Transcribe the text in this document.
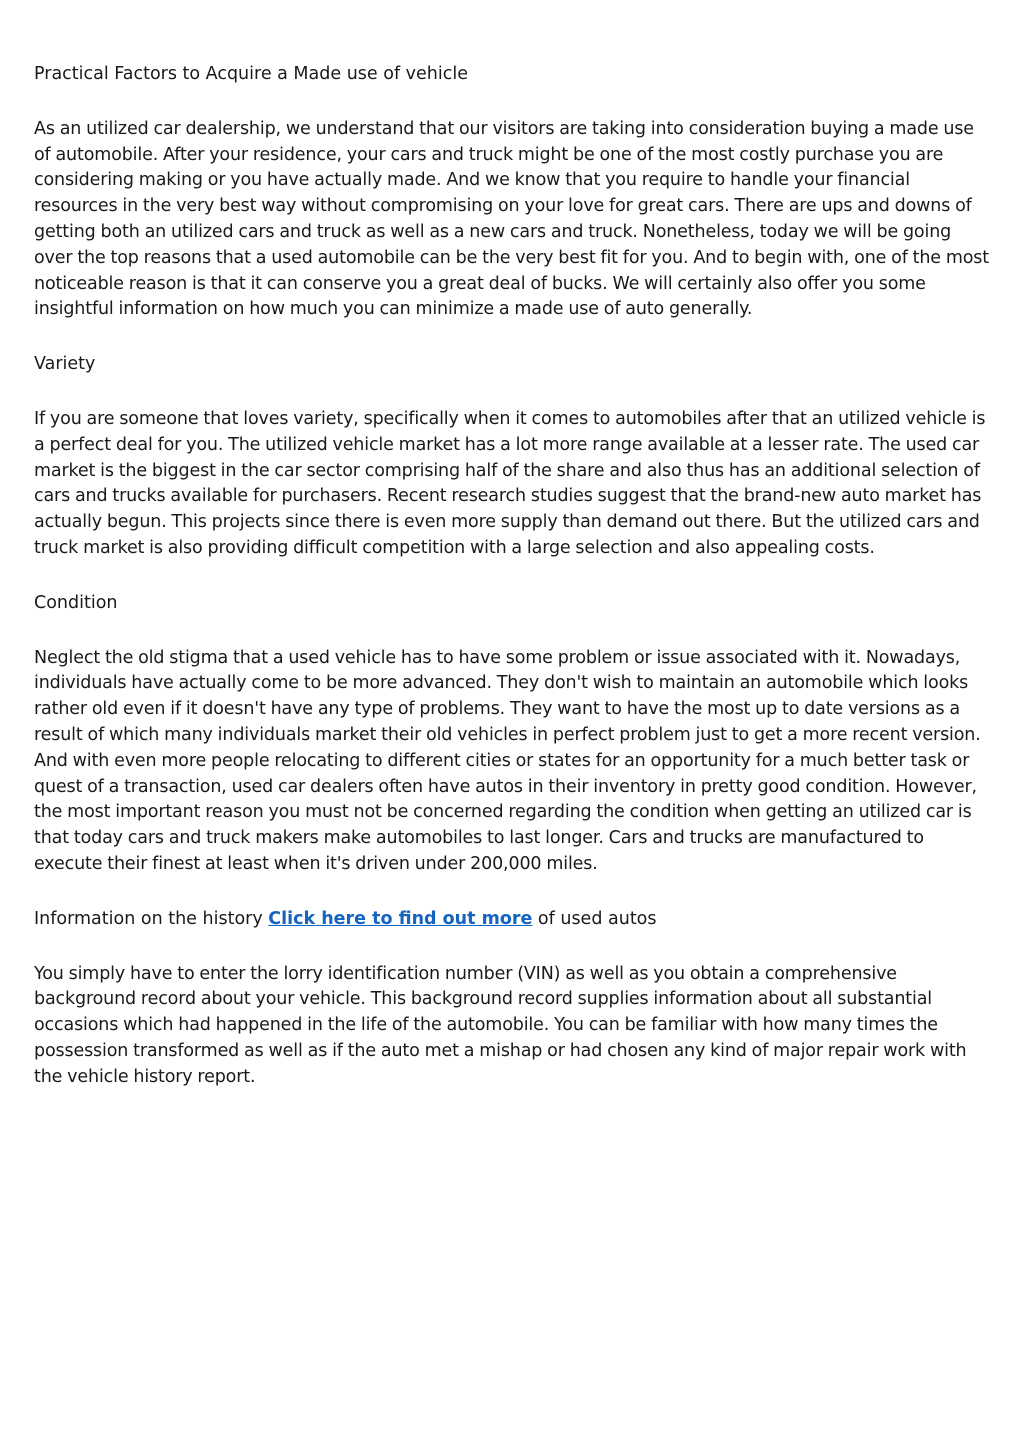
Practical Factors to Acquire a Made use of vehicle

As an utilized car dealership, we understand that our visitors are taking into consideration buying a made use of automobile. After your residence, your cars and truck might be one of the most costly purchase you are considering making or you have actually made. And we know that you require to handle your financial resources in the very best way without compromising on your love for great cars. There are ups and downs of getting both an utilized cars and truck as well as a new cars and truck. Nonetheless, today we will be going over the top reasons that a used automobile can be the very best fit for you. And to begin with, one of the most noticeable reason is that it can conserve you a great deal of bucks. We will certainly also offer you some insightful information on how much you can minimize a made use of auto generally.

Variety

If you are someone that loves variety, specifically when it comes to automobiles after that an utilized vehicle is a perfect deal for you. The utilized vehicle market has a lot more range available at a lesser rate. The used car market is the biggest in the car sector comprising half of the share and also thus has an additional selection of cars and trucks available for purchasers. Recent research studies suggest that the brand-new auto market has actually begun. This projects since there is even more supply than demand out there. But the utilized cars and truck market is also providing difficult competition with a large selection and also appealing costs.

Condition

Neglect the old stigma that a used vehicle has to have some problem or issue associated with it. Nowadays, individuals have actually come to be more advanced. They don't wish to maintain an automobile which looks rather old even if it doesn't have any type of problems. They want to have the most up to date versions as a result of which many individuals market their old vehicles in perfect problem just to get a more recent version. And with even more people relocating to different cities or states for an opportunity for a much better task or quest of a transaction, used car dealers often have autos in their inventory in pretty good condition. However, the most important reason you must not be concerned regarding the condition when getting an utilized car is that today cars and truck makers make automobiles to last longer. Cars and trucks are manufactured to execute their finest at least when it's driven under 200,000 miles.

Information on the history Click here to find out more of used autos

You simply have to enter the lorry identification number (VIN) as well as you obtain a comprehensive background record about your vehicle. This background record supplies information about all substantial occasions which had happened in the life of the automobile. You can be familiar with how many times the possession transformed as well as if the auto met a mishap or had chosen any kind of major repair work with the vehicle history report.
